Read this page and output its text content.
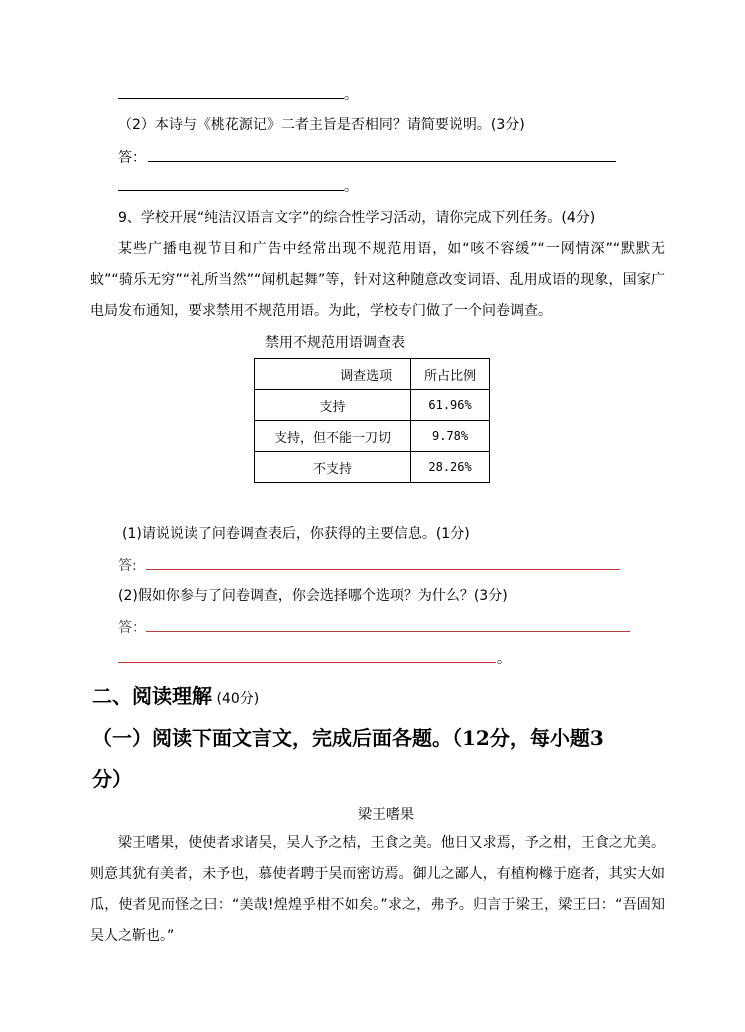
。
（2）本诗与《桃花源记》二者主旨是否相同？请简要说明。(3分)
答：
。
9、学校开展“纯洁汉语言文字”的综合性学习活动，请你完成下列任务。(4分)
某些广播电视节目和广告中经常出现不规范用语，如“咳不容缓”“一网情深”“默默无蚊”“骑乐无穷”“礼所当然”“闻机起舞”等，针对这种随意改变词语、乱用成语的现象，国家广电局发布通知，要求禁用不规范用语。为此，学校专门做了一个问卷调查。
禁用不规范用语调查表
调查选项	所占比例
支持	61.96%
支持，但不能一刀切	9.78%
不支持	28.26%
(1)请说说读了问卷调查表后，你获得的主要信息。(1分)
答:
(2)假如你参与了问卷调查，你会选择哪个选项？为什么？(3分)
答：
。
二、阅读理解 (40分)
（一）阅读下面文言文，完成后面各题。（12分，每小题3
分）
梁王嗜果
梁王嗜果，使使者求诸吴，吴人予之桔，王食之美。他日又求焉，予之柑，王食之尤美。则意其犹有美者，未予也，慕使者聘于吴而密访焉。御儿之鄙人，有植枸橼于庭者，其实大如瓜，使者见而怪之曰：“美哉!煌煌乎柑不如矣。”求之，弗予。归言于梁王，梁王曰：“吾固知吴人之靳也。”
